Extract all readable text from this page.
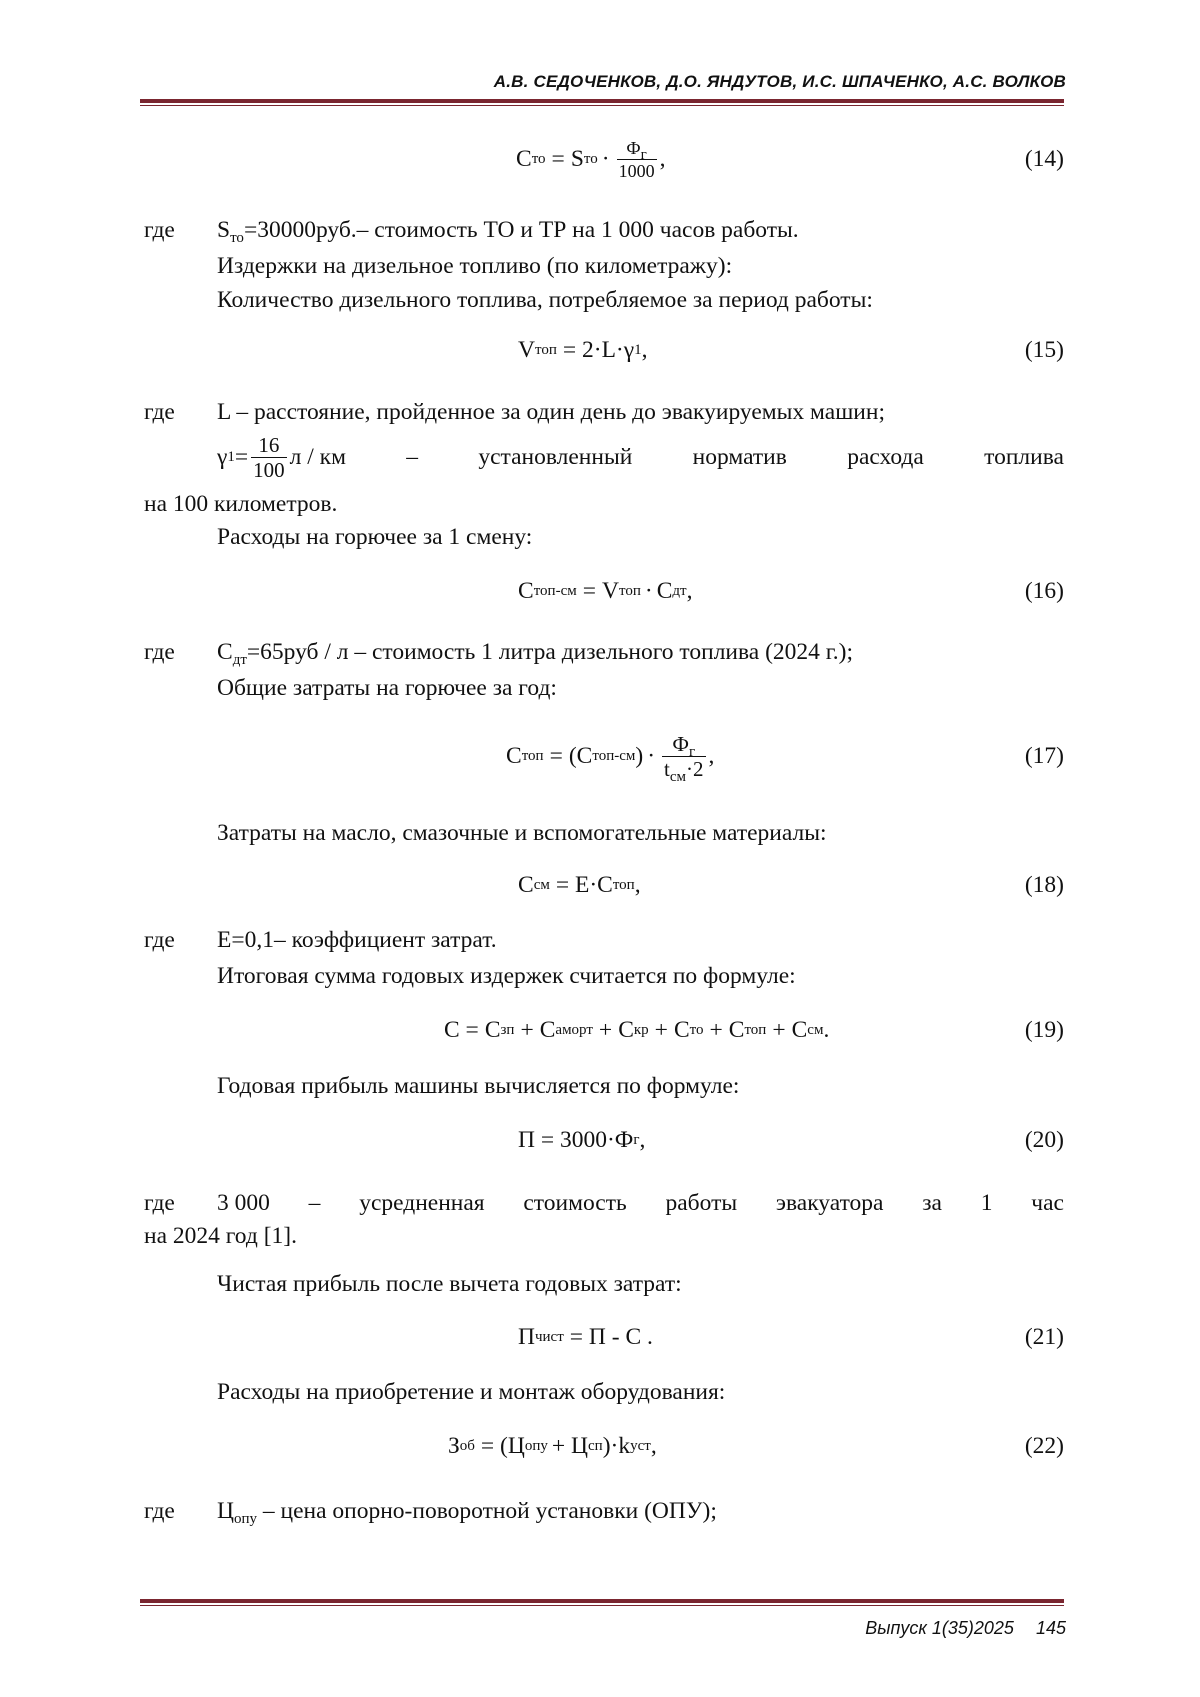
А.В. СЕДОЧЕНКОВ, Д.О. ЯНДУТОВ, И.С. ШПАЧЕНКО, А.С. ВОЛКОВ
С то = S то · $\frac{Ф_г}{1000}$ ,	(14)
где $S_{то}=30000руб.-$ стоимость ТО и ТР на 1 000 часов работы.
Издержки на дизельное топливо (по километражу):
Количество дизельного топлива, потребляемое за период работы:
V топ = 2·L·γ 1 ,	(15)
где L – расстояние, пройденное за один день до эвакуируемых машин;
γ $1 = \frac{16}{100}$ л / км	–	установленный	норматив	расхода	топлива
на 100 километров.
Расходы на горючее за 1 смену:
С топ-см = V топ · С дт ,	(16)
где $С_{дт}=65руб / л$ – стоимость 1 литра дизельного топлива (2024 г.);
Общие затраты на горючее за год:
С топ = (С топ-см ) · $\frac{Ф_г}{t_{см}\cdot 2}$ ,	(17)
Затраты на масло, смазочные и вспомогательные материалы:
С см = E·С топ ,	(18)
где E=0,1– коэффициент затрат.
Итоговая сумма годовых издержек считается по формуле:
С = С зп + С аморт + С кр + С то + С топ + С см .	(19)
Годовая прибыль машины вычисляется по формуле:
П = 3000·Ф г ,	(20)
где 3 000 – усредненная стоимость работы эвакуатора за 1 час
на 2024 год [1].
Чистая прибыль после вычета годовых затрат:
П чист = П - С .	(21)
Расходы на приобретение и монтаж оборудования:
З об = (Ц опу + Ц сп )·k уст ,	(22)
где $Ц_{опу}$ – цена опорно-поворотной установки (ОПУ);
Выпуск 1(35)2025 145
